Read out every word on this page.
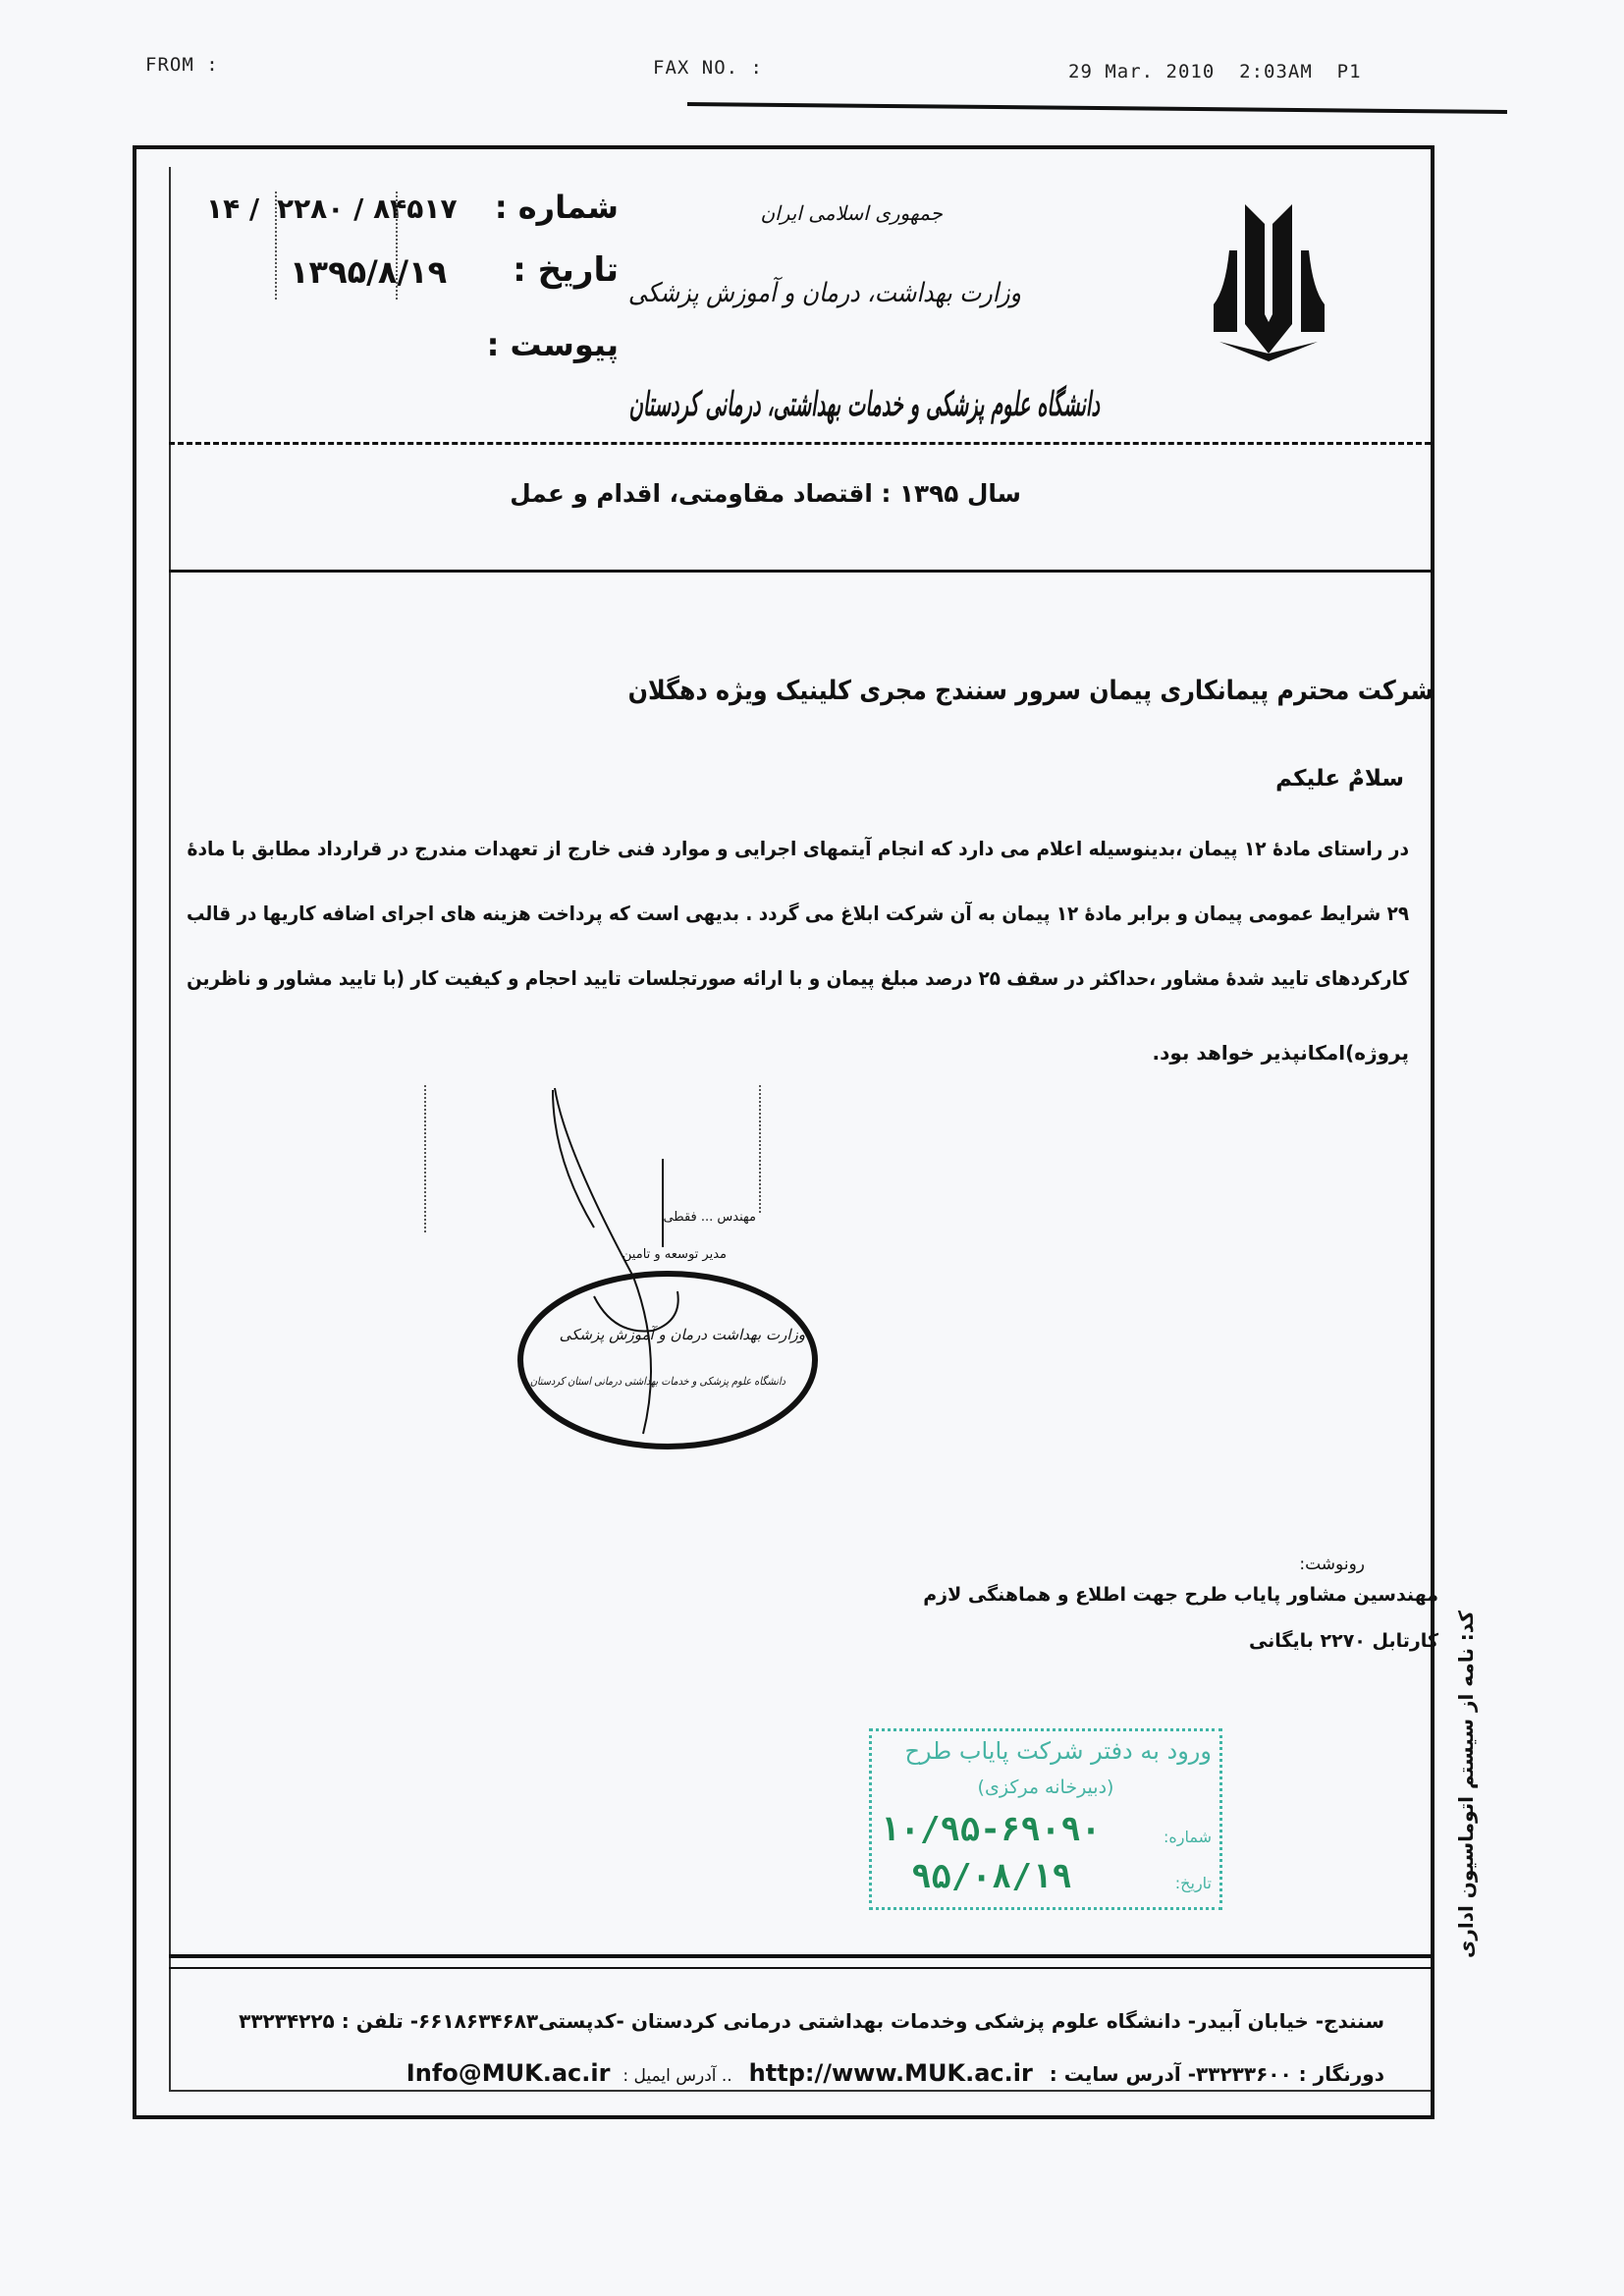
FROM :	FAX NO. :	29 Mar. 2010  2:03AM  P1
جمهوری اسلامی ایران
وزارت بهداشت، درمان و آموزش پزشکی
دانشگاه علوم پزشکی و خدمات بهداشتی، درمانی کردستان
شماره :
تاریخ :
پیوست :
۱۴ / ۸۴۵۱۷ / ۲۲۸۰
۱۳۹۵/۸/۱۹
سال ۱۳۹۵ : اقتصاد مقاومتی، اقدام و عمل
شرکت محترم پیمانکاری پیمان سرور سنندج مجری کلینیک ویژه دهگلان
سلامٌ علیکم
در راستای مادهٔ ۱۲ پیمان ،بدینوسیله اعلام می دارد که انجام آیتمهای اجرایی و موارد فنی خارج از تعهدات مندرج در قرارداد مطابق با مادهٔ
۲۹ شرایط عمومی پیمان و برابر مادهٔ ۱۲ پیمان به آن شرکت ابلاغ می گردد . بدیهی است که پرداخت هزینه های اجرای اضافه کاریها در قالب
کارکردهای تایید شدهٔ مشاور ،حداکثر در سقف ۲۵ درصد مبلغ پیمان و با ارائه صورتجلسات تایید احجام و کیفیت کار (با تایید مشاور و ناظرین
پروژه)امکانپذیر خواهد بود.
مهندس ... فقطی
مدیر توسعه و تامین
وزارت بهداشت درمان و آموزش پزشکی
دانشگاه علوم پزشکی و خدمات بهداشتی درمانی استان کردستان
رونوشت:
مهندسین مشاور پایاب طرح جهت اطلاع و هماهنگی لازم
کارتابل ۲۲۷۰ بایگانی کد: نامه از سیستم اتوماسیون اداری
ورود به دفتر شرکت پایاب طرح
(دبیرخانه مرکزی)
شماره:
۱۰/۹۵-۶۹۰۹۰
تاریخ:
۹۵/۰۸/۱۹
سنندج- خیابان آبیدر- دانشگاه علوم پزشکی وخدمات بهداشتی درمانی کردستان -کدپستی۶۶۱۸۶۳۴۶۸۳- تلفن : ۳۳۲۳۴۲۲۵
دورنگار : ۳۳۲۳۳۶۰۰- آدرس سایت : http://www.MUK.ac.ir .. آدرس ایمیل : Info@MUK.ac.ir
